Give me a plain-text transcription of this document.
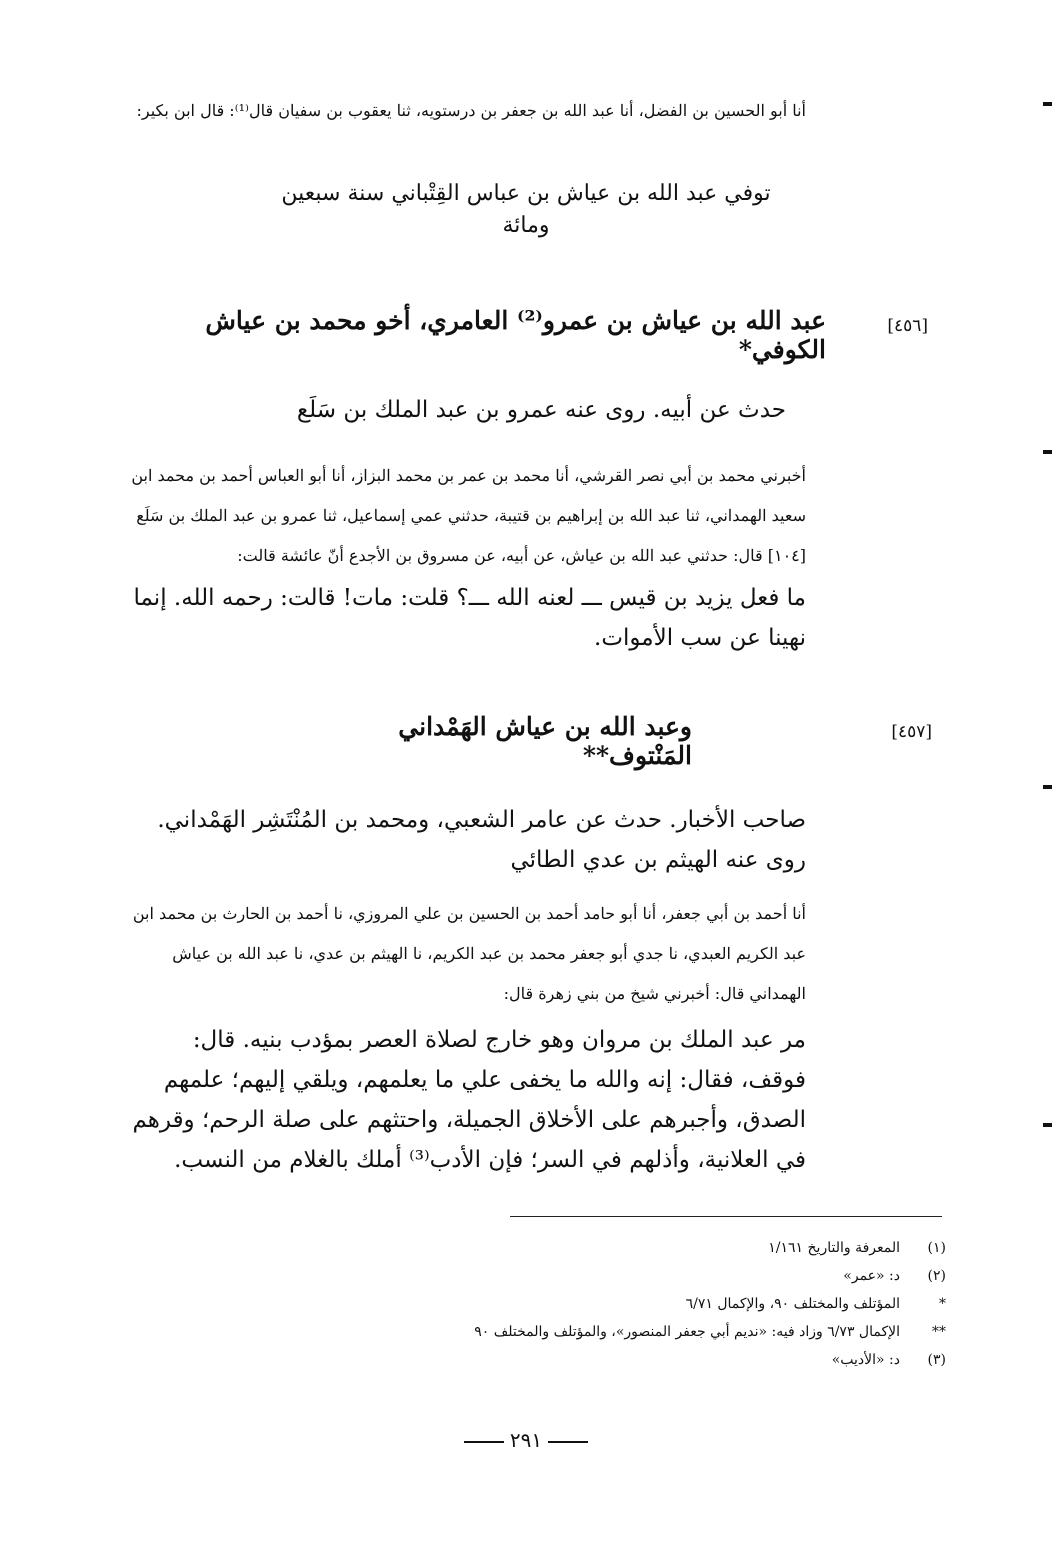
أنا أبو الحسين بن الفضل، أنا عبد الله بن جعفر بن درستويه، ثنا يعقوب بن سفيان قال⁽¹⁾: قال ابن بكير:
توفي عبد الله بن عياش بن عباس القِتْباني سنة سبعين ومائة
[٤٥٦]
عبد الله بن عياش بن عمرو⁽²⁾ العامري، أخو محمد بن عياش الكوفي*
حدث عن أبيه. روى عنه عمرو بن عبد الملك بن سَلَع
أخبرني محمد بن أبي نصر القرشي، أنا محمد بن عمر بن محمد البزاز، أنا أبو العباس أحمد بن محمد ابن سعيد الهمداني، ثنا عبد الله بن إبراهيم بن قتيبة، حدثني عمي إسماعيل، ثنا عمرو بن عبد الملك بن سَلَع [١٠٤] قال: حدثني عبد الله بن عياش، عن أبيه، عن مسروق بن الأجدع أنّ عائشة قالت:
ما فعل يزيد بن قيس ـــ لعنه الله ـــ؟ قلت: مات! قالت: رحمه الله. إنما نهينا عن سب الأموات.
[٤٥٧]
وعبد الله بن عياش الهَمْداني المَنْتوف**
صاحب الأخبار. حدث عن عامر الشعبي، ومحمد بن المُنْتَشِر الهَمْداني. روى عنه الهيثم بن عدي الطائي
أنا أحمد بن أبي جعفر، أنا أبو حامد أحمد بن الحسين بن علي المروزي، نا أحمد بن الحارث بن محمد ابن عبد الكريم العبدي، نا جدي أبو جعفر محمد بن عبد الكريم، نا الهيثم بن عدي، نا عبد الله بن عياش الهمداني قال: أخبرني شيخ من بني زهرة قال:
مر عبد الملك بن مروان وهو خارج لصلاة العصر بمؤدب بنيه. قال: فوقف، فقال: إنه والله ما يخفى علي ما يعلمهم، ويلقي إليهم؛ علمهم الصدق، وأجبرهم على الأخلاق الجميلة، واحتثهم على صلة الرحم؛ وقرهم في العلانية، وأذلهم في السر؛ فإن الأدب⁽³⁾ أملك بالغلام من النسب.
(١)
المعرفة والتاريخ ١/١٦١
(٢)
د: «عمر»
*
المؤتلف والمختلف ٩٠، والإكمال ٦/٧١
**
الإكمال ٦/٧٣ وزاد فيه: «نديم أبي جعفر المنصور»، والمؤتلف والمختلف ٩٠
(٣)
د: «الأديب»
٢٩١
